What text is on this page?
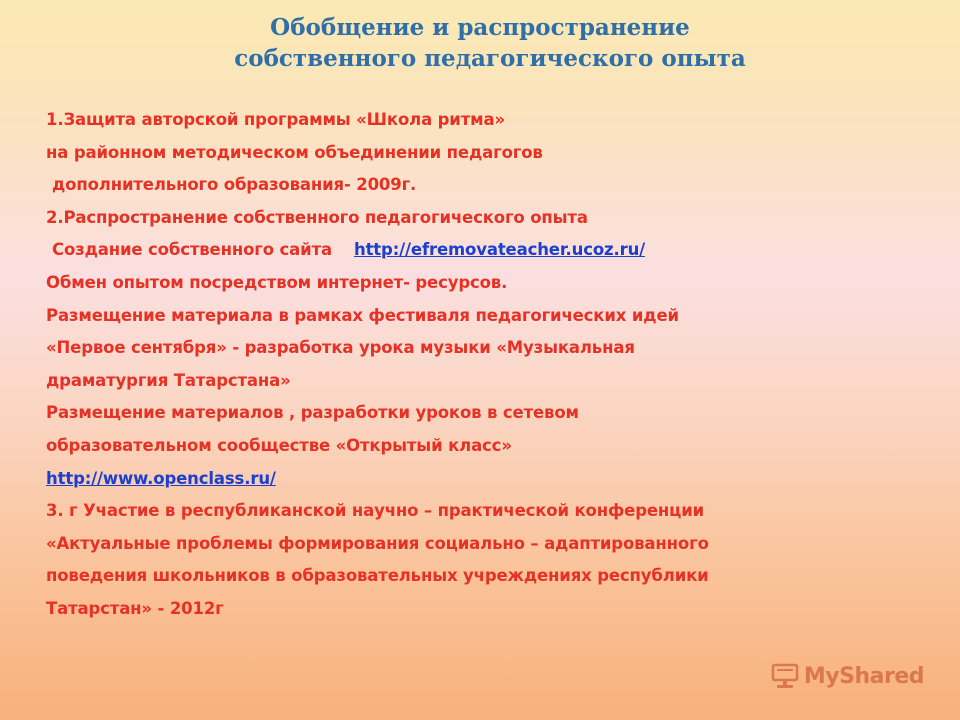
Обобщение и распространение
собственного педагогического опыта
1.Защита авторской программы «Школа ритма»
на районном методическом объединении педагогов
дополнительного образования- 2009г.
2.Распространение собственного педагогического опыта
Создание собственного сайта http://efremovateacher.ucoz.ru/
Обмен опытом посредством интернет- ресурсов.
Размещение материала в рамках фестиваля педагогических идей
«Первое сентября» - разработка урока музыки «Музыкальная
драматургия Татарстана»
Размещение материалов , разработки уроков в сетевом
образовательном сообществе «Открытый класс»
http://www.openclass.ru/
3. г Участие в республиканской научно – практической конференции
«Актуальные проблемы формирования социально – адаптированного
поведения школьников в образовательных учреждениях республики
Татарстан» - 2012г
MyShared
